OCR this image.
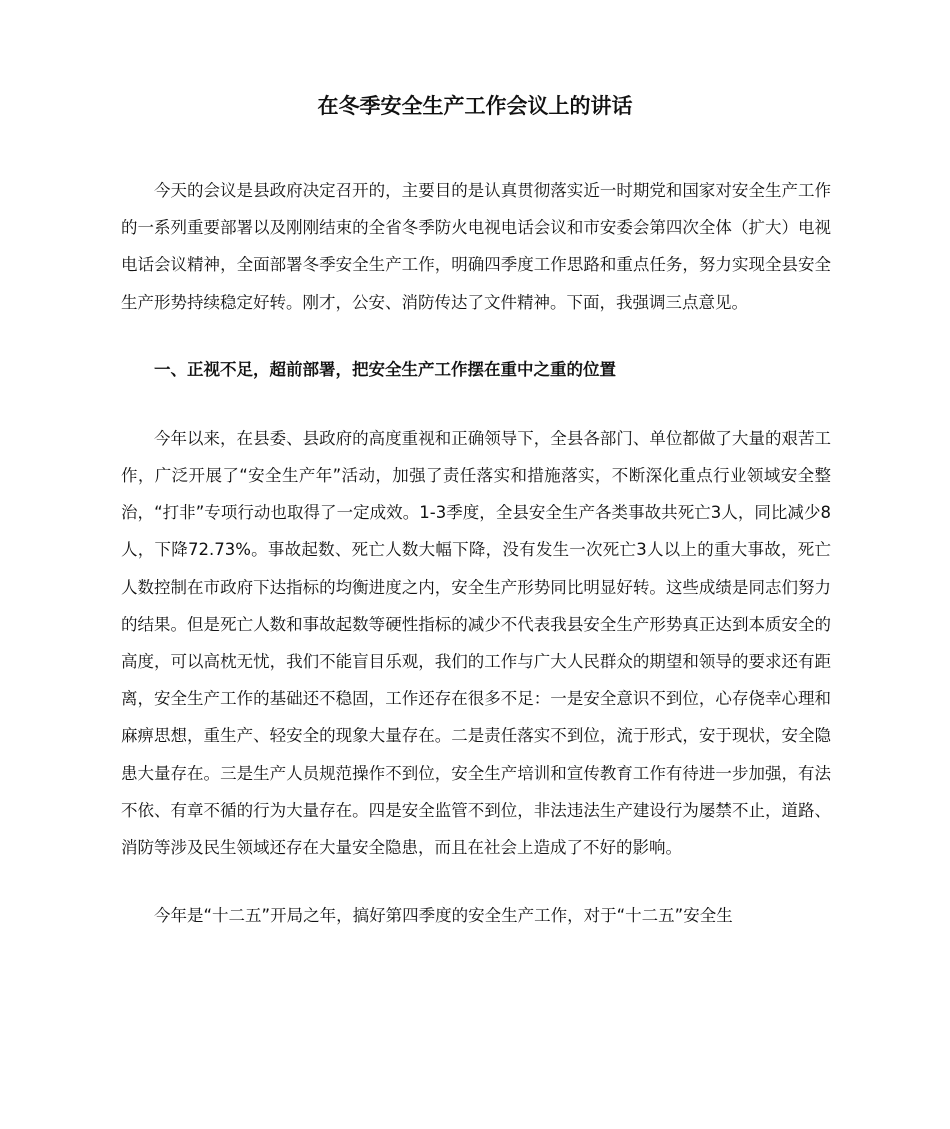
在冬季安全生产工作会议上的讲话

今天的会议是县政府决定召开的，主要目的是认真贯彻落实近一时期党和国家对安全生产工作的一系列重要部署以及刚刚结束的全省冬季防火电视电话会议和市安委会第四次全体（扩大）电视电话会议精神，全面部署冬季安全生产工作，明确四季度工作思路和重点任务，努力实现全县安全生产形势持续稳定好转。刚才，公安、消防传达了文件精神。下面，我强调三点意见。

一、正视不足，超前部署，把安全生产工作摆在重中之重的位置

今年以来，在县委、县政府的高度重视和正确领导下，全县各部门、单位都做了大量的艰苦工作，广泛开展了“安全生产年”活动，加强了责任落实和措施落实，不断深化重点行业领域安全整治，“打非”专项行动也取得了一定成效。1-3季度，全县安全生产各类事故共死亡3人，同比减少8人，下降72.73%。事故起数、死亡人数大幅下降，没有发生一次死亡3人以上的重大事故，死亡人数控制在市政府下达指标的均衡进度之内，安全生产形势同比明显好转。这些成绩是同志们努力的结果。但是死亡人数和事故起数等硬性指标的减少不代表我县安全生产形势真正达到本质安全的高度，可以高枕无忧，我们不能盲目乐观，我们的工作与广大人民群众的期望和领导的要求还有距离，安全生产工作的基础还不稳固，工作还存在很多不足：一是安全意识不到位，心存侥幸心理和麻痹思想，重生产、轻安全的现象大量存在。二是责任落实不到位，流于形式，安于现状，安全隐患大量存在。三是生产人员规范操作不到位，安全生产培训和宣传教育工作有待进一步加强，有法不依、有章不循的行为大量存在。四是安全监管不到位，非法违法生产建设行为屡禁不止，道路、消防等涉及民生领域还存在大量安全隐患，而且在社会上造成了不好的影响。

今年是“十二五”开局之年，搞好第四季度的安全生产工作，对于“十二五”安全生
